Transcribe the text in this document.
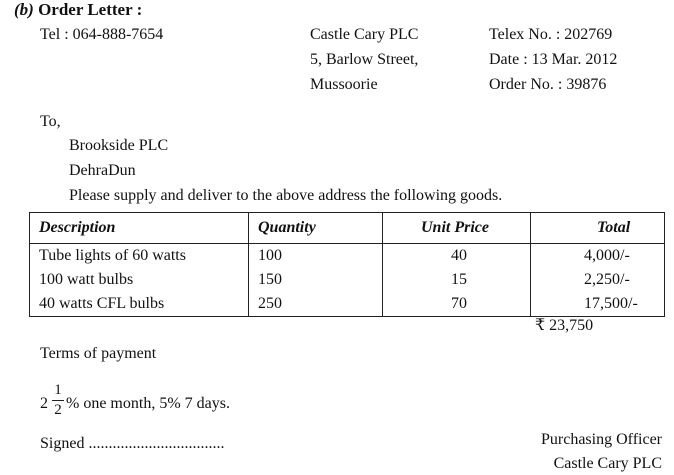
(b) Order Letter :
Tel : 064-888-7654	Castle Cary PLC
5, Barlow Street,
Mussoorie
Telex No. : 202769
Date : 13 Mar. 2012
Order No. : 39876
To,
Brookside PLC
DehraDun
Please supply and deliver to the above address the following goods.
Description	Quantity	Unit Price	Total
Tube lights of 60 watts	100	40	4,000/-
100 watt bulbs	150	15	2,250/-
40 watts CFL bulbs	250	70	17,500/-
₹ 23,750
Terms of payment
2
1
2 % one month, 5% 7 days.
Signed ..................................	Purchasing Officer
Castle Cary PLC
